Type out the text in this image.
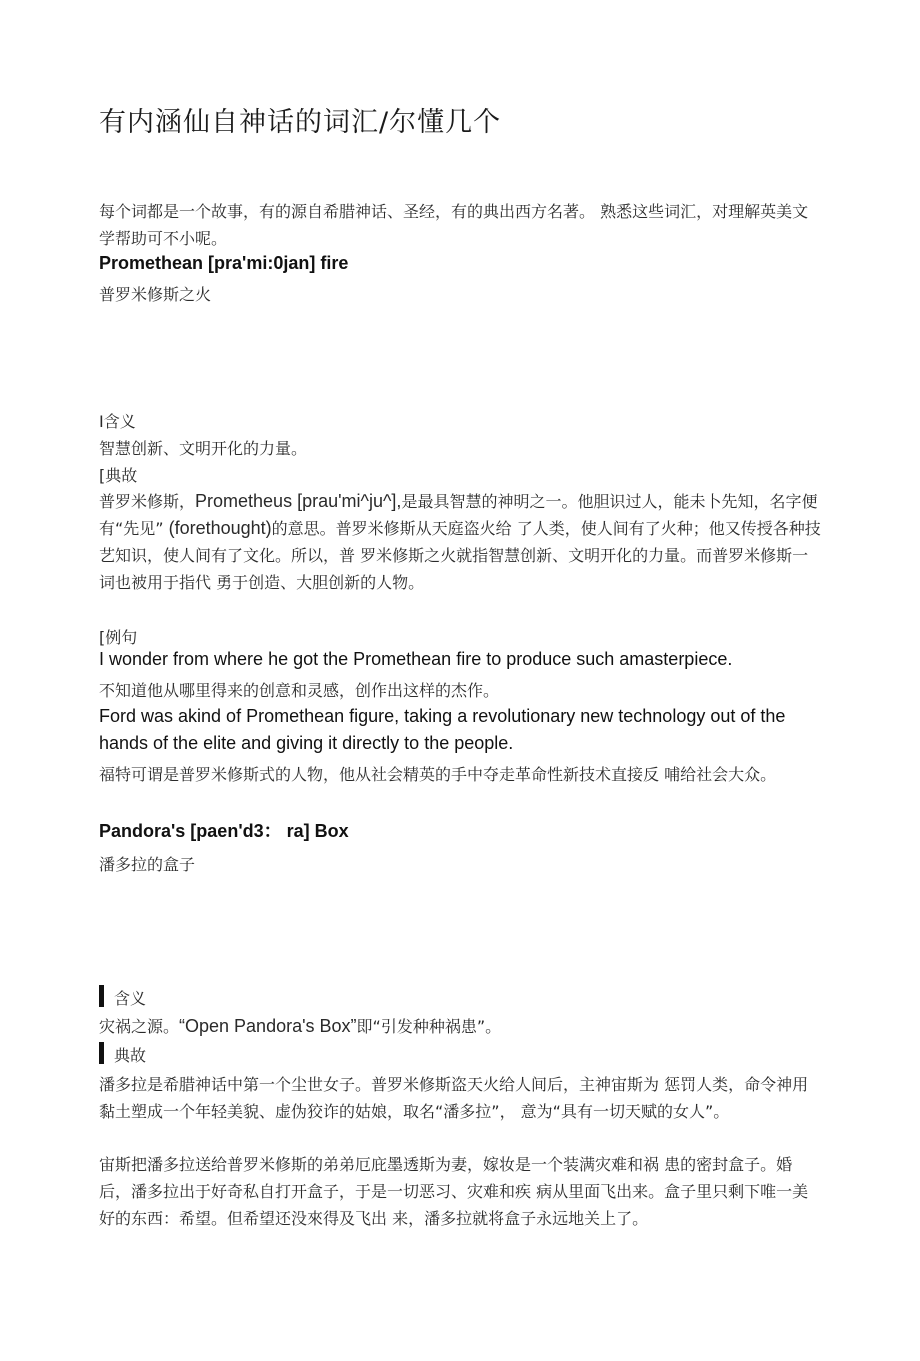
有内涵仙自神话的词汇/尔懂几个

每个词都是一个故事，有的源自希腊神话、圣经，有的典出西方名著。 熟悉这些词汇，对理解英美文学帮助可不小呢。

Promethean [pra'mi:0jan] fire

普罗米修斯之火

I含义

智慧创新、文明开化的力量。

[典故

普罗米修斯，Prometheus [prau'mi^ju^],是最具智慧的神明之一。他胆识过人，能未卜先知，名字便有“先见” (forethought)的意思。普罗米修斯从天庭盗火给 了人类，使人间有了火种；他又传授各种技艺知识，使人间有了文化。所以，普 罗米修斯之火就指智慧创新、文明开化的力量。而普罗米修斯一词也被用于指代 勇于创造、大胆创新的人物。

[例句

I wonder from where he got the Promethean fire to produce such amasterpiece.

不知道他从哪里得来的创意和灵感，创作出这样的杰作。

Ford was akind of Promethean figure, taking a revolutionary new technology out of the hands of the elite and giving it directly to the people.

福特可谓是普罗米修斯式的人物，他从社会精英的手中夺走革命性新技术直接反 哺给社会大众。

Pandora's [paen'd3： ra] Box

潘多拉的盒子

含义

灾祸之源。“Open Pandora's Box”即“引发种种祸患”。

典故

潘多拉是希腊神话中第一个尘世女子。普罗米修斯盗天火给人间后，主神宙斯为 惩罚人类，命令神用黏土塑成一个年轻美貌、虚伪狡诈的姑娘，取名“潘多拉”， 意为“具有一切天赋的女人”。

宙斯把潘多拉送给普罗米修斯的弟弟厄庇墨透斯为妻，嫁妆是一个装满灾难和祸 患的密封盒子。婚后，潘多拉出于好奇私自打开盒子，于是一切恶习、灾难和疾 病从里面飞出来。盒子里只剩下唯一美好的东西：希望。但希望还没來得及飞出 来，潘多拉就将盒子永远地关上了。
